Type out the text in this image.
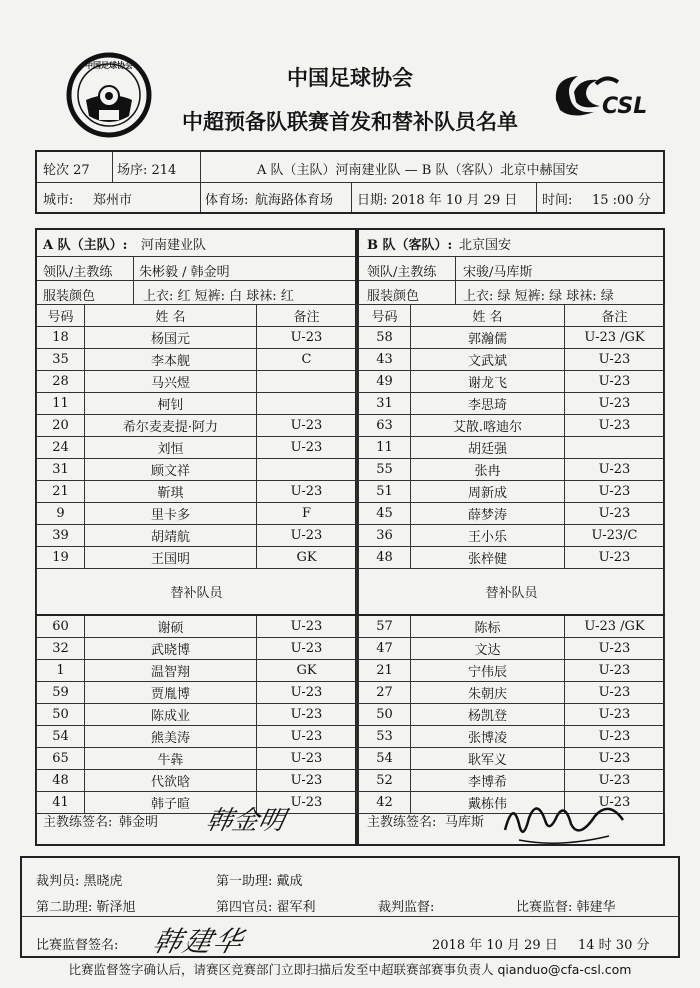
中国足球协会
中国足球协会
中超预备队联赛首发和替补队员名单
CSL
轮次 27 场序: 214	A 队（主队）河南建业队 — B 队（客队）北京中赫国安
城市: 郑州市	体育场: 航海路体育场 日期: 2018 年 10 月 29 日 时间: 15 :00 分
A 队（主队）: 河南建业队
领队/主教练 朱彬毅 / 韩金明
服装颜色	上衣: 红 短裤: 白 球袜: 红
号码	姓 名	备注
18	杨国元	U-23
35	李本舰	C
28	马兴煜	
11	柯钊	
20	希尔麦麦提·阿力	U-23
24	刘恒	U-23
31	顾文祥	
21	靳琪	U-23
9	里卡多	F
39	胡靖航	U-23
19	王国明	GK
替补队员		
60	谢硕	U-23
32	武晓博	U-23
1	温智翔	GK
59	贾胤博	U-23
50	陈成业	U-23
54	熊美涛	U-23
65	牛犇	U-23
48	代欲晗	U-23
41	韩子暄	U-23
主教练签名: 韩金明 韩金明
B 队（客队）: 北京国安
领队/主教练 宋骏/马库斯
服装颜色	上衣: 绿 短裤: 绿 球袜: 绿
号码	姓 名	备注
58	郭瀚儒	U-23 /GK
43	文武斌	U-23
49	谢龙飞	U-23
31	李思琦	U-23
63	艾散.喀迪尔	U-23
11	胡廷强	
55	张冉	U-23
51	周新成	U-23
45	薛梦涛	U-23
36	王小乐	U-23/C
48	张梓健	U-23
替补队员		
57	陈标	U-23 /GK
47	文达	U-23
21	宁伟辰	U-23
27	朱朝庆	U-23
50	杨凯登	U-23
53	张博凌	U-23
54	耿军义	U-23
52	李博希	U-23
42	戴栋伟	U-23
主教练签名: 马库斯
裁判员: 黑晓虎	第一助理: 戴成
第二助理: 靳泽旭	第四官员: 翟军利	裁判监督:	比赛监督: 韩建华
比赛监督签名: 韩建华	2018 年 10 月 29 日 14 时 30 分
比赛监督签字确认后，请赛区竞赛部门立即扫描后发至中超联赛部赛事负责人 qianduo@cfa-csl.com
